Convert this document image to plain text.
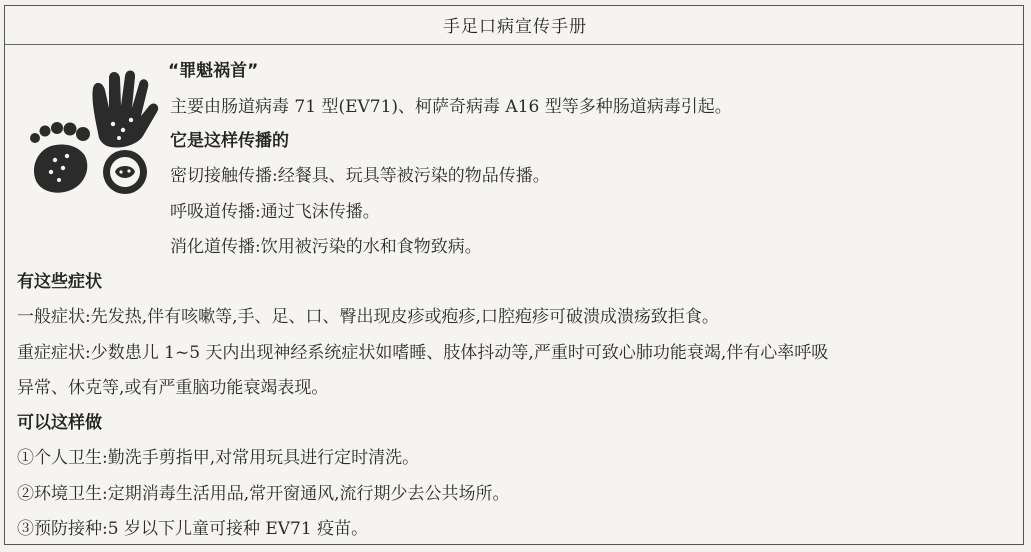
手足口病宣传手册
“罪魁祸首”
主要由肠道病毒 71 型(EV71)、柯萨奇病毒 A16 型等多种肠道病毒引起。
它是这样传播的
密切接触传播:经餐具、玩具等被污染的物品传播。
呼吸道传播:通过飞沫传播。
消化道传播:饮用被污染的水和食物致病。
有这些症状
一般症状:先发热,伴有咳嗽等,手、足、口、臀出现皮疹或疱疹,口腔疱疹可破溃成溃疡致拒食。
重症症状:少数患儿 1~5 天内出现神经系统症状如嗜睡、肢体抖动等,严重时可致心肺功能衰竭,伴有心率呼吸
异常、休克等,或有严重脑功能衰竭表现。
可以这样做
①个人卫生:勤洗手剪指甲,对常用玩具进行定时清洗。
②环境卫生:定期消毒生活用品,常开窗通风,流行期少去公共场所。
③预防接种:5 岁以下儿童可接种 EV71 疫苗。
